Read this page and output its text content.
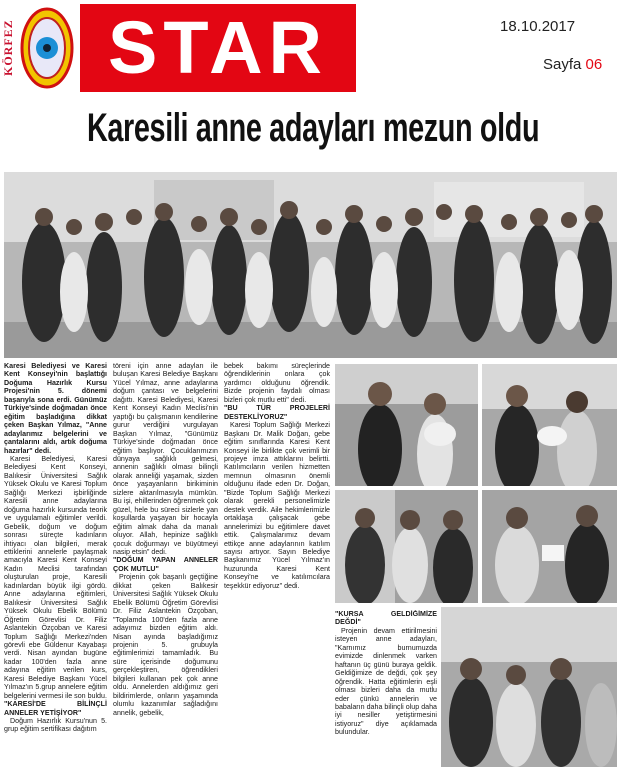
KÖRFEZ STAR	18.10.2017
Sayfa 06
Karesili anne adayları mezun oldu

Karesi Belediyesi ve Karesi Kent Konseyi'nin başlattığı Doğuma Hazırlık Kursu Projesi'nin 5. dönemi başarıyla sona erdi. Günümüz Türkiye'sinde doğmadan önce eğitim başladığına dikkat çeken Başkan Yılmaz, "Anne adaylarımız belgelerini ve çantalarını aldı, artık doğuma hazırlar" dedi.

Karesi Belediyesi, Karesi Belediyesi Kent Konseyi, Balıkesir Üniversitesi Sağlık Yüksek Okulu ve Karesi Toplum Sağlığı Merkezi işbirliğinde Karesili anne adaylarına doğuma hazırlık kursunda teorik ve uygulamalı eğitimler verildi. Gebelik, doğum ve doğum sonrası süreçte kadınların ihtiyacı olan bilgileri, merak ettiklerini annelerle paylaşmak amacıyla Karesi Kent Konseyi Kadın Meclisi tarafından oluşturulan proje, Karesili kadınlardan büyük ilgi gördü. Anne adaylarına eğitimleri, Balıkesir Üniversitesi Sağlık Yüksek Okulu Ebelik Bölümü Öğretim Görevlisi Dr. Filiz Aslantekin Özçoban ve Karesi Toplum Sağlığı Merkezi'nden görevli ebe Güldenur Kayabaşı verdi. Nisan ayından bugüne kadar 100'den fazla anne adayına eğitim verilen kurs, Karesi Belediye Başkanı Yücel Yılmaz'ın 5.grup annelere eğitim belgelerini vermesi ile son buldu.

"KARESİ'DE BİLİNÇLİ ANNELER YETİŞİYOR"

Doğum Hazırlık Kursu'nun 5. grup eğitim sertifikası dağıtım

töreni için anne adayları ile buluşan Karesi Belediye Başkanı Yücel Yılmaz, anne adaylarına doğum çantası ve belgelerini dağıttı. Karesi Belediyesi, Karesi Kent Konseyi Kadın Meclisi'nin yaptığı bu çalışmanın kendilerine gurur verdiğini vurgulayan Başkan Yılmaz, "Günümüz Türkiye'sinde doğmadan önce eğitim başlıyor. Çocuklarımızın dünyaya sağlıklı gelmesi, annenin sağlıklı olması bilinçli olarak anneliği yaşamak, sizden önce yaşayanların birikiminin sizlere aktarılmasıyla mümkün. Bu işi, ehillerinden öğrenmek çok güzel, hele bu süreci sizlerle yan koşullarda yaşayan bir hocayla eğitim almak daha da manalı oluyor. Allah, hepinize sağlıklı çocuk doğurmayı ve büyütmeyi nasip etsin" dedi.

"DOĞUM YAPAN ANNELER ÇOK MUTLU"

Projenin çok başarılı geçtiğine dikkat çeken Balıkesir Üniversitesi Sağlık Yüksek Okulu Ebelik Bölümü Öğretim Görevlisi Dr. Filiz Aslantekin Özçoban, "Toplamda 100'den fazla anne adayımız bizden eğitim aldı. Nisan ayında başladığımız projenin 5. grubuyla eğitimlerimizi tamamladık. Bu süre içerisinde doğumunu gerçekleştiren, öğrendikleri bilgileri kullanan pek çok anne oldu. Annelerden aldığımız geri bildirimlerde, onların yaşamında olumlu kazanımlar sağladığını annelik, gebelik,

bebek bakımı süreçlerinde öğrendiklerinin onlara çok yardımcı olduğunu öğrendik. Bizde projenin faydalı olması bizleri çok mutlu etti" dedi.

"BU TÜR PROJELERİ DESTEKLİYORUZ"

Karesi Toplum Sağlığı Merkezi Başkanı Dr. Malik Doğan, gebe eğitim sınıflarında Karesi Kent Konseyi ile birlikte çok verimli bir projeye imza attıklarını belirtti. Katılımcıların verilen hizmetten memnun olmasının önemli olduğunu ifade eden Dr. Doğan, "Bizde Toplum Sağlığı Merkezi olarak gerekli personelimizle destek verdik. Aile hekimlerimizle ortaklaşa çalışacak gebe annelerimizi bu eğitimlere davet ettik. Çalışmalarımız devam ettikçe anne adaylarının katılım sayısı artıyor. Sayın Belediye Başkanımız Yücel Yılmaz'ın huzurunda Karesi Kent Konseyi'ne ve katılımcılara teşekkür ediyoruz" dedi.

"KURSA GELDİĞİMİZE DEĞDİ"

Projenin devam ettirilmesini isteyen anne adayları, "Karnımız burnumuzda evimizde dinlenmek varken haftanın üç günü buraya geldik. Geldiğimize de değdi, çok şey öğrendik. Hatta eğitimlerin eşli olması bizleri daha da mutlu eder çünkü annelerin ve babaların daha bilinçli olup daha iyi nesiller yetiştirmesini istiyoruz" diye açıklamada bulundular.
